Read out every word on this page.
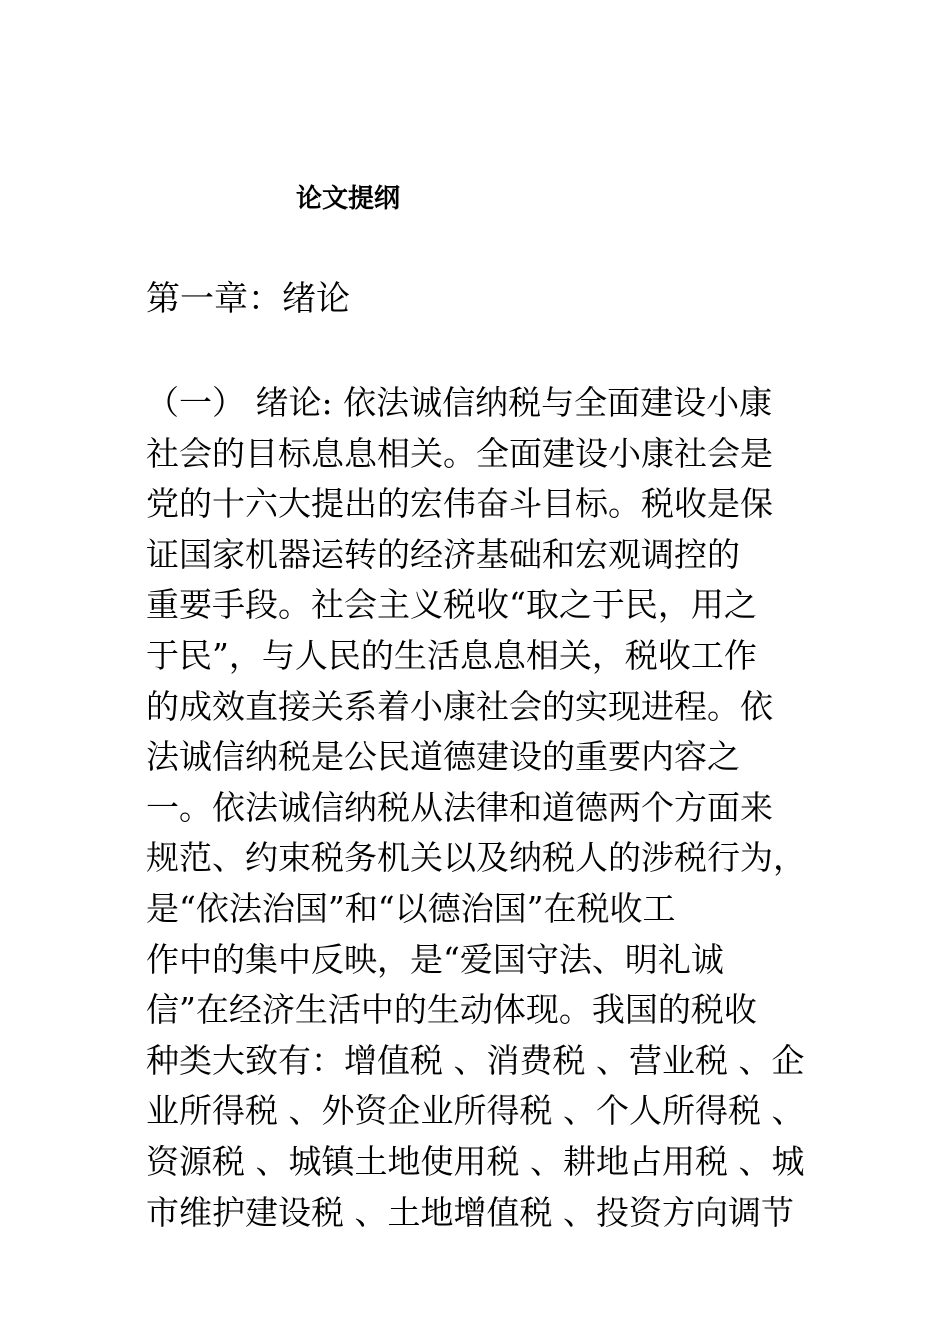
论文提纲
第一章：绪论
（一） 绪论: 依法诚信纳税与全面建设小康
社会的目标息息相关。全面建设小康社会是
党的十六大提出的宏伟奋斗目标。税收是保
证国家机器运转的经济基础和宏观调控的
重要手段。社会主义税收“取之于民，用之
于民”，与人民的生活息息相关，税收工作
的成效直接关系着小康社会的实现进程。依
法诚信纳税是公民道德建设的重要内容之
一。依法诚信纳税从法律和道德两个方面来
规范、约束税务机关以及纳税人的涉税行为，
是“依法治国”和“以德治国”在税收工
作中的集中反映，是“爱国守法、明礼诚
信”在经济生活中的生动体现。我国的税收
种类大致有：增值税 、消费税 、营业税 、企
业所得税 、外资企业所得税 、个人所得税 、
资源税 、城镇土地使用税 、耕地占用税 、城
市维护建设税 、土地增值税 、投资方向调节
